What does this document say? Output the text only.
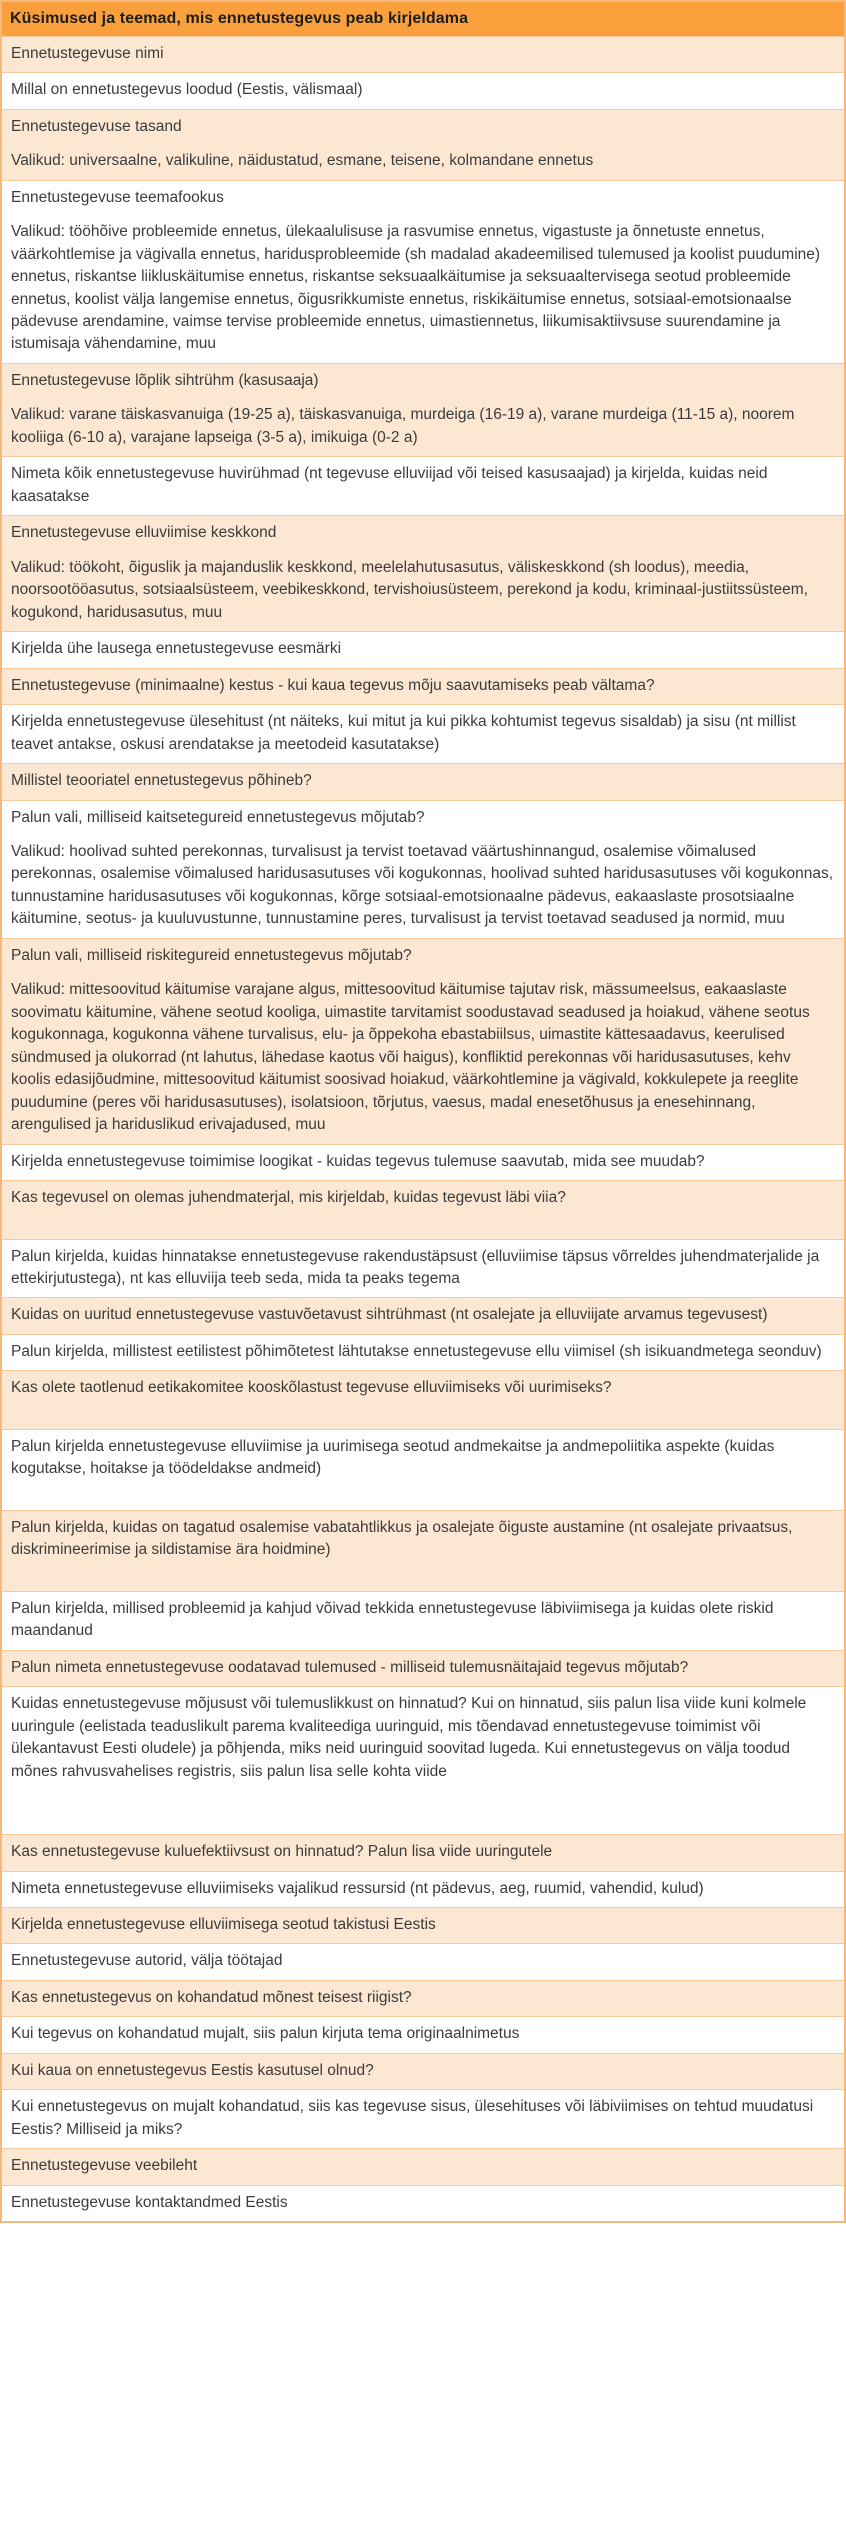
Küsimused ja teemad, mis ennetustegevus peab kirjeldama

Ennetustegevuse nimi

Millal on ennetustegevus loodud (Eestis, välismaal)

Ennetustegevuse tasand

Valikud: universaalne, valikuline, näidustatud, esmane, teisene, kolmandane ennetus

Ennetustegevuse teemafookus

Valikud: tööhõive probleemide ennetus, ülekaalulisuse ja rasvumise ennetus, vigastuste ja õnnetuste ennetus, väärkohtlemise ja vägivalla ennetus, haridusprobleemide (sh madalad akadeemilised tulemused ja koolist puudumine) ennetus, riskantse liikluskäitumise ennetus, riskantse seksuaalkäitumise ja seksuaaltervisega seotud probleemide ennetus, koolist välja langemise ennetus, õigusrikkumiste ennetus, riskikäitumise ennetus, sotsiaal-emotsionaalse pädevuse arendamine, vaimse tervise probleemide ennetus, uimastiennetus, liikumisaktiivsuse suurendamine ja istumisaja vähendamine, muu

Ennetustegevuse lõplik sihtrühm (kasusaaja)

Valikud: varane täiskasvanuiga (19-25 a), täiskasvanuiga, murdeiga (16-19 a), varane murdeiga (11-15 a), noorem kooliiga (6-10 a), varajane lapseiga (3-5 a), imikuiga (0-2 a)

Nimeta kõik ennetustegevuse huvirühmad (nt tegevuse elluviijad või teised kasusaajad) ja kirjelda, kuidas neid kaasatakse

Ennetustegevuse elluviimise keskkond

Valikud: töökoht, õiguslik ja majanduslik keskkond, meelelahutusasutus, väliskeskkond (sh loodus), meedia, noorsootööasutus, sotsiaalsüsteem, veebikeskkond, tervishoiusüsteem, perekond ja kodu, kriminaal-justiitssüsteem, kogukond, haridusasutus, muu

Kirjelda ühe lausega ennetustegevuse eesmärki

Ennetustegevuse (minimaalne) kestus - kui kaua tegevus mõju saavutamiseks peab vältama?

Kirjelda ennetustegevuse ülesehitust (nt näiteks, kui mitut ja kui pikka kohtumist tegevus sisaldab) ja sisu (nt millist teavet antakse, oskusi arendatakse ja meetodeid kasutatakse)

Millistel teooriatel ennetustegevus põhineb?

Palun vali, milliseid kaitsetegureid ennetustegevus mõjutab?

Valikud: hoolivad suhted perekonnas, turvalisust ja tervist toetavad väärtushinnangud, osalemise võimalused perekonnas, osalemise võimalused haridusasutuses või kogukonnas, hoolivad suhted haridusasutuses või kogukonnas, tunnustamine haridusasutuses või kogukonnas, kõrge sotsiaal-emotsionaalne pädevus, eakaaslaste prosotsiaalne käitumine, seotus- ja kuuluvustunne, tunnustamine peres, turvalisust ja tervist toetavad seadused ja normid, muu

Palun vali, milliseid riskitegureid ennetustegevus mõjutab?

Valikud: mittesoovitud käitumise varajane algus, mittesoovitud käitumise tajutav risk, mässumeelsus, eakaaslaste soovimatu käitumine, vähene seotud kooliga, uimastite tarvitamist soodustavad seadused ja hoiakud, vähene seotus kogukonnaga, kogukonna vähene turvalisus, elu- ja õppekoha ebastabiilsus, uimastite kättesaadavus, keerulised sündmused ja olukorrad (nt lahutus, lähedase kaotus või haigus), konfliktid perekonnas või haridusasutuses, kehv koolis edasijõudmine, mittesoovitud käitumist soosivad hoiakud, väärkohtlemine ja vägivald, kokkulepete ja reeglite puudumine (peres või haridusasutuses), isolatsioon, tõrjutus, vaesus, madal enesetõhusus ja enesehinnang, arengulised ja hariduslikud erivajadused, muu

Kirjelda ennetustegevuse toimimise loogikat - kuidas tegevus tulemuse saavutab, mida see muudab?

Kas tegevusel on olemas juhendmaterjal, mis kirjeldab, kuidas tegevust läbi viia?

Palun kirjelda, kuidas hinnatakse ennetustegevuse rakendustäpsust (elluviimise täpsus võrreldes juhendmaterjalide ja ettekirjutustega), nt kas elluviija teeb seda, mida ta peaks tegema

Kuidas on uuritud ennetustegevuse vastuvõetavust sihtrühmast (nt osalejate ja elluviijate arvamus tegevusest)

Palun kirjelda, millistest eetilistest põhimõtetest lähtutakse ennetustegevuse ellu viimisel (sh isikuandmetega seonduv)

Kas olete taotlenud eetikakomitee kooskõlastust tegevuse elluviimiseks või uurimiseks?

Palun kirjelda ennetustegevuse elluviimise ja uurimisega seotud andmekaitse ja andmepoliitika aspekte (kuidas kogutakse, hoitakse ja töödeldakse andmeid)

Palun kirjelda, kuidas on tagatud osalemise vabatahtlikkus ja osalejate õiguste austamine (nt osalejate privaatsus, diskrimineerimise ja sildistamise ära hoidmine)

Palun kirjelda, millised probleemid ja kahjud võivad tekkida ennetustegevuse läbiviimisega ja kuidas olete riskid maandanud

Palun nimeta ennetustegevuse oodatavad tulemused - milliseid tulemusnäitajaid tegevus mõjutab?

Kuidas ennetustegevuse mõjusust või tulemuslikkust on hinnatud? Kui on hinnatud, siis palun lisa viide kuni kolmele uuringule (eelistada teaduslikult parema kvaliteediga uuringuid, mis tõendavad ennetustegevuse toimimist või ülekantavust Eesti oludele) ja põhjenda, miks neid uuringuid soovitad lugeda. Kui ennetustegevus on välja toodud mõnes rahvusvahelises registris, siis palun lisa selle kohta viide

Kas ennetustegevuse kuluefektiivsust on hinnatud? Palun lisa viide uuringutele

Nimeta ennetustegevuse elluviimiseks vajalikud ressursid (nt pädevus, aeg, ruumid, vahendid, kulud)

Kirjelda ennetustegevuse elluviimisega seotud takistusi Eestis

Ennetustegevuse autorid, välja töötajad

Kas ennetustegevus on kohandatud mõnest teisest riigist?

Kui tegevus on kohandatud mujalt, siis palun kirjuta tema originaalnimetus

Kui kaua on ennetustegevus Eestis kasutusel olnud?

Kui ennetustegevus on mujalt kohandatud, siis kas tegevuse sisus, ülesehituses või läbiviimises on tehtud muudatusi Eestis? Milliseid ja miks?

Ennetustegevuse veebileht

Ennetustegevuse kontaktandmed Eestis
